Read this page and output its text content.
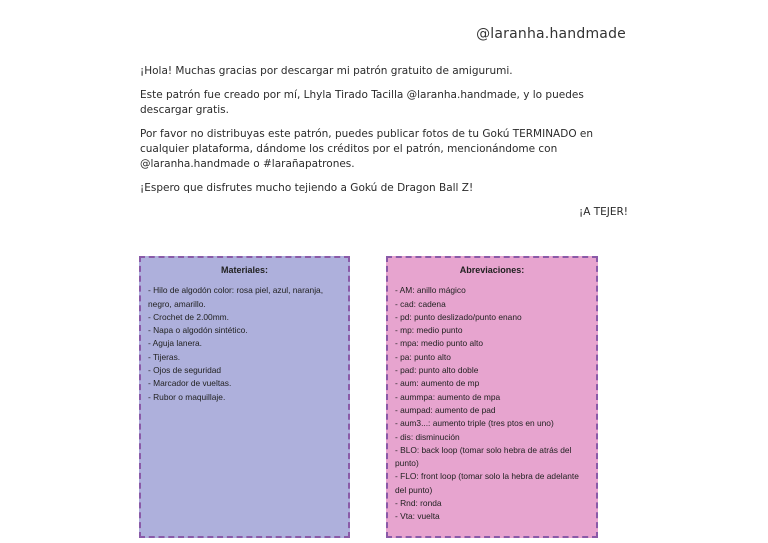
@laranha.handmade

¡Hola! Muchas gracias por descargar mi patrón gratuito de amigurumi.

Este patrón fue creado por mí, Lhyla Tirado Tacilla @laranha.handmade, y lo puedes descargar gratis.

Por favor no distribuyas este patrón, puedes publicar fotos de tu Gokú TERMINADO en cualquier plataforma, dándome los créditos por el patrón, mencionándome con @laranha.handmade o #larañapatrones.

¡Espero que disfrutes mucho tejiendo a Gokú de Dragon Ball Z!

¡A TEJER!
Materiales:
- Hilo de algodón color: rosa piel, azul, naranja, negro, amarillo.
- Crochet de 2.00mm.
- Napa o algodón sintético.
- Aguja lanera.
- Tijeras.
- Ojos de seguridad
- Marcador de vueltas.
- Rubor o maquillaje.
Abreviaciones:
- AM: anillo mágico
- cad: cadena
- pd: punto deslizado/punto enano
- mp: medio punto
- mpa: medio punto alto
- pa: punto alto
- pad: punto alto doble
- aum: aumento de mp
- aummpa: aumento de mpa
- aumpad: aumento de pad
- aum3...: aumento triple (tres ptos en uno)
- dis: disminución
- BLO: back loop (tomar solo hebra de atrás del punto)
- FLO: front loop (tomar solo la hebra de adelante del punto)
- Rnd: ronda
- Vta: vuelta
